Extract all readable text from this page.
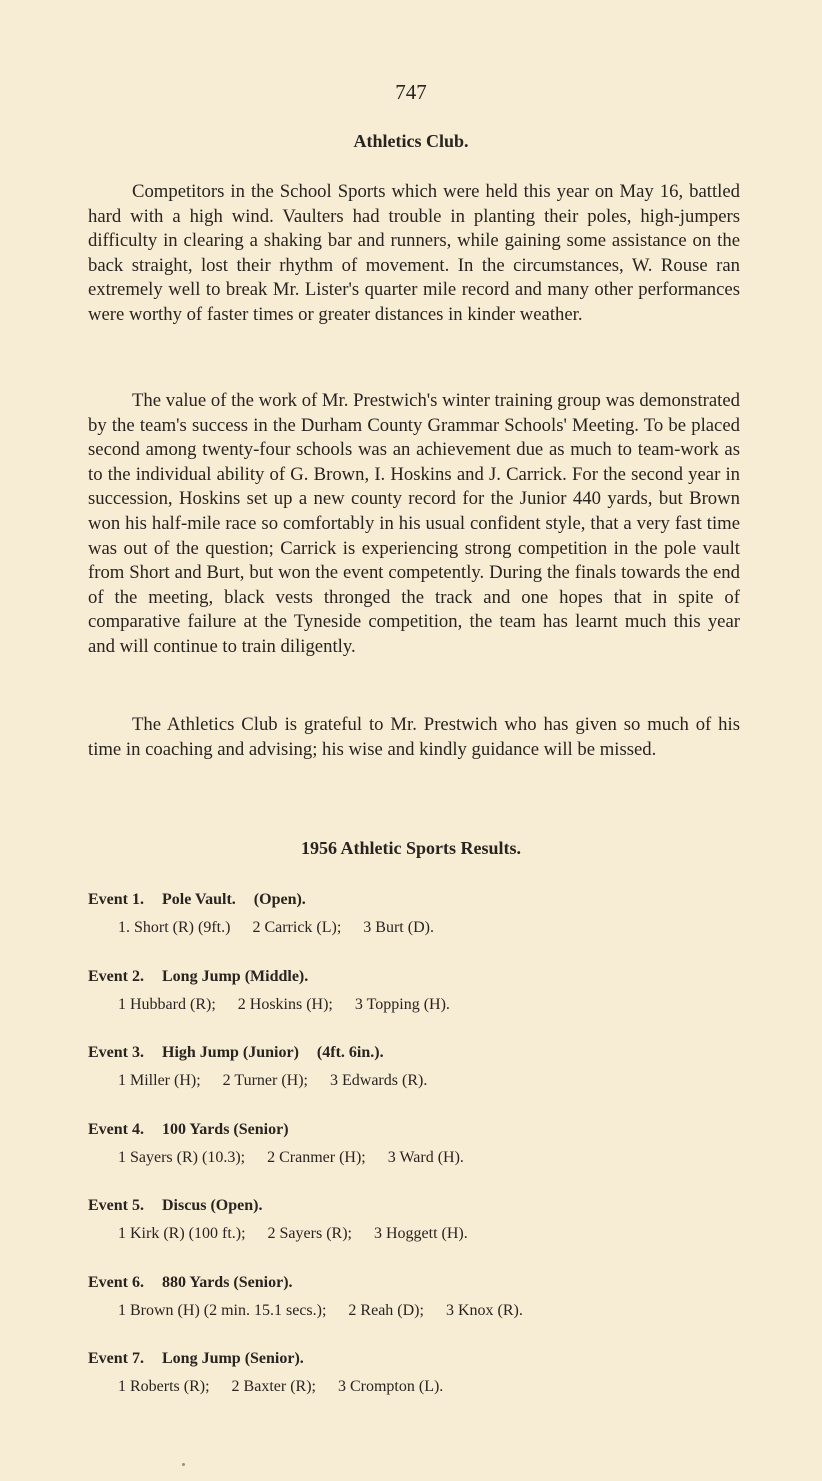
747
Athletics Club.

Competitors in the School Sports which were held this year on May 16, battled hard with a high wind. Vaulters had trouble in planting their poles, high-jumpers difficulty in clearing a shaking bar and runners, while gaining some assistance on the back straight, lost their rhythm of movement. In the circumstances, W. Rouse ran extremely well to break Mr. Lister's quarter mile record and many other performances were worthy of faster times or greater distances in kinder weather.

The value of the work of Mr. Prestwich's winter training group was demonstrated by the team's success in the Durham County Grammar Schools' Meeting. To be placed second among twenty-four schools was an achievement due as much to team-work as to the individual ability of G. Brown, I. Hoskins and J. Carrick. For the second year in succession, Hoskins set up a new county record for the Junior 440 yards, but Brown won his half-mile race so comfortably in his usual confident style, that a very fast time was out of the question; Carrick is experiencing strong competition in the pole vault from Short and Burt, but won the event competently. During the finals towards the end of the meeting, black vests thronged the track and one hopes that in spite of comparative failure at the Tyneside competition, the team has learnt much this year and will continue to train diligently.

The Athletics Club is grateful to Mr. Prestwich who has given so much of his time in coaching and advising; his wise and kindly guidance will be missed.

1956 Athletic Sports Results.
Event 1. Pole Vault. (Open).
1. Short (R) (9ft.) 2 Carrick (L); 3 Burt (D).
Event 2. Long Jump (Middle).
1 Hubbard (R); 2 Hoskins (H); 3 Topping (H).
Event 3. High Jump (Junior) (4ft. 6in.).
1 Miller (H); 2 Turner (H); 3 Edwards (R).
Event 4. 100 Yards (Senior)
1 Sayers (R) (10.3); 2 Cranmer (H); 3 Ward (H).
Event 5. Discus (Open).
1 Kirk (R) (100 ft.); 2 Sayers (R); 3 Hoggett (H).
Event 6. 880 Yards (Senior).
1 Brown (H) (2 min. 15.1 secs.); 2 Reah (D); 3 Knox (R).
Event 7. Long Jump (Senior).
1 Roberts (R); 2 Baxter (R); 3 Crompton (L).
